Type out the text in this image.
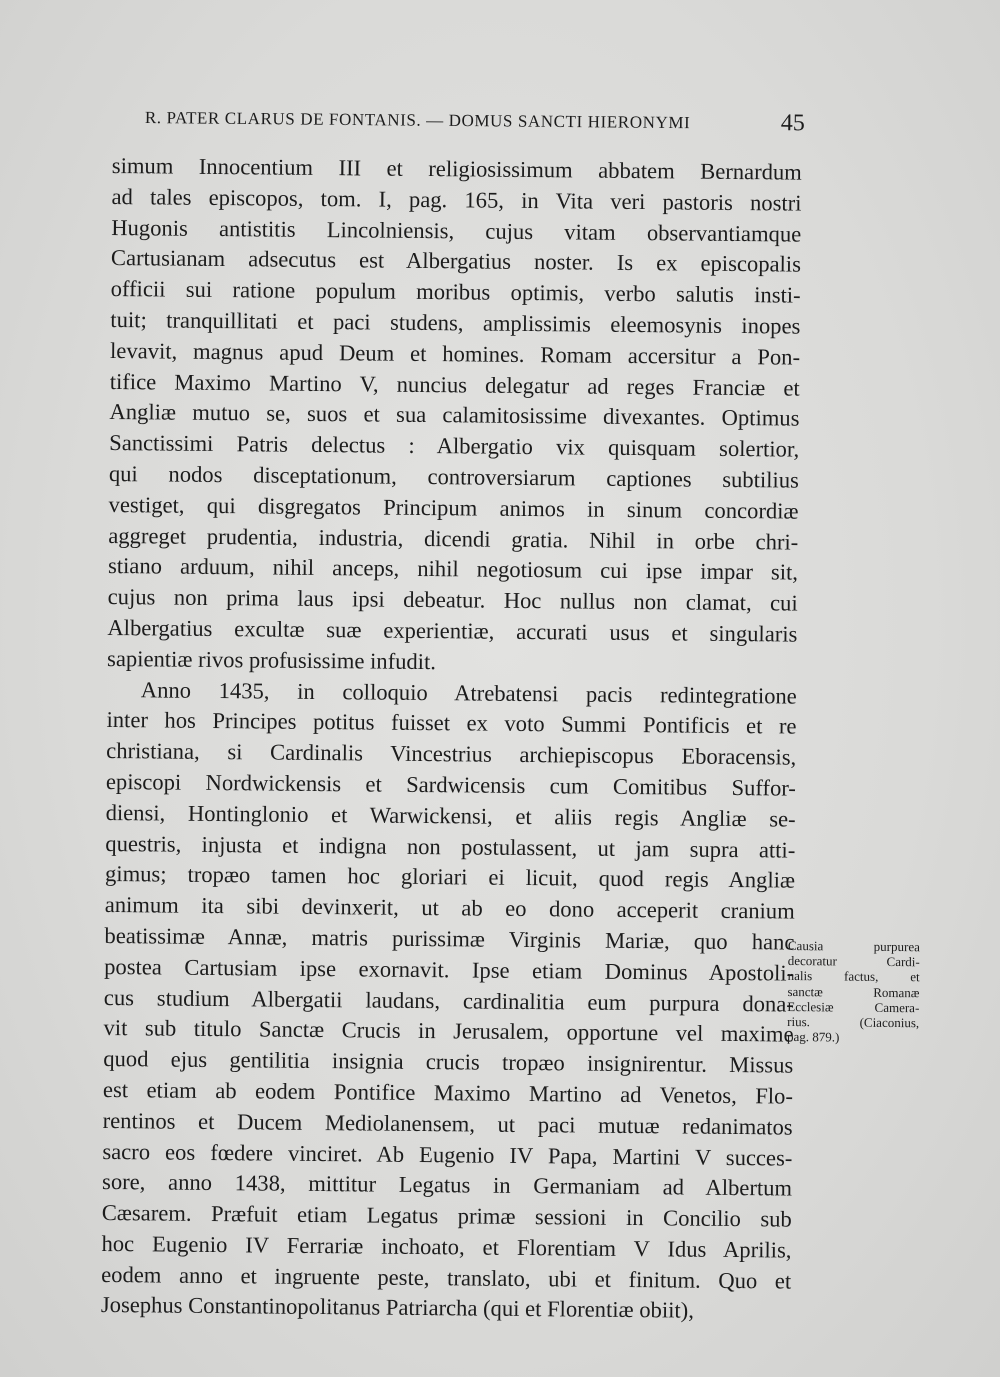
R. PATER CLARUS DE FONTANIS. — DOMUS SANCTI HIERONYMI	45
simum Innocentium III et religiosissimum abbatem Bernardum
ad tales episcopos, tom. I, pag. 165, in Vita veri pastoris nostri
Hugonis antistitis Lincolniensis, cujus vitam observantiamque
Cartusianam adsecutus est Albergatius noster. Is ex episcopalis
officii sui ratione populum moribus optimis, verbo salutis insti-
tuit; tranquillitati et paci studens, amplissimis eleemosynis inopes
levavit, magnus apud Deum et homines. Romam accersitur a Pon-
tifice Maximo Martino V, nuncius delegatur ad reges Franciæ et
Angliæ mutuo se, suos et sua calamitosissime divexantes. Optimus
Sanctissimi Patris delectus : Albergatio vix quisquam solertior,
qui nodos disceptationum, controversiarum captiones subtilius
vestiget, qui disgregatos Principum animos in sinum concordiæ
aggreget prudentia, industria, dicendi gratia. Nihil in orbe chri-
stiano arduum, nihil anceps, nihil negotiosum cui ipse impar sit,
cujus non prima laus ipsi debeatur. Hoc nullus non clamat, cui
Albergatius excultæ suæ experientiæ, accurati usus et singularis
sapientiæ rivos profusissime infudit.
Anno 1435, in colloquio Atrebatensi pacis redintegratione
inter hos Principes potitus fuisset ex voto Summi Pontificis et re
christiana, si Cardinalis Vincestrius archiepiscopus Eboracensis,
episcopi Nordwickensis et Sardwicensis cum Comitibus Suffor-
diensi, Hontinglonio et Warwickensi, et aliis regis Angliæ se-
questris, injusta et indigna non postulassent, ut jam supra atti-
gimus; tropæo tamen hoc gloriari ei licuit, quod regis Angliæ
animum ita sibi devinxerit, ut ab eo dono acceperit cranium
beatissimæ Annæ, matris purissimæ Virginis Mariæ, quo hanc
postea Cartusiam ipse exornavit. Ipse etiam Dominus Apostoli-
cus studium Albergatii laudans, cardinalitia eum purpura dona-
vit sub titulo Sanctæ Crucis in Jerusalem, opportune vel maxime
quod ejus gentilitia insignia crucis tropæo insignirentur. Missus
est etiam ab eodem Pontifice Maximo Martino ad Venetos, Flo-
rentinos et Ducem Mediolanensem, ut paci mutuæ redanimatos
sacro eos fœdere vinciret. Ab Eugenio IV Papa, Martini V succes-
sore, anno 1438, mittitur Legatus in Germaniam ad Albertum
Cæsarem. Præfuit etiam Legatus primæ sessioni in Concilio sub
hoc Eugenio IV Ferrariæ inchoato, et Florentiam V Idus Aprilis,
eodem anno et ingruente peste, translato, ubi et finitum. Quo et
Josephus Constantinopolitanus Patriarcha (qui et Florentiæ obiit),
Causia purpurea
decoratur Cardi-
nalis factus, et
sanctæ Romanæ
Ecclesiæ Camera-
rius. (Ciaconius,
pag. 879.)
